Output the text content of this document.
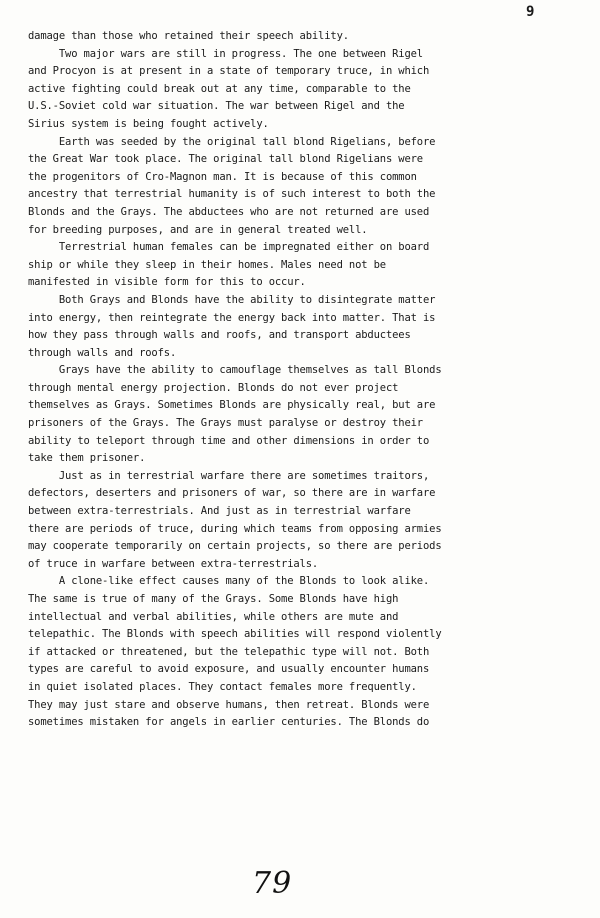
9
damage than those who retained their speech ability.
Two major wars are still in progress. The one between Rigel
and Procyon is at present in a state of temporary truce, in which
active fighting could break out at any time, comparable to the
U.S.-Soviet cold war situation. The war between Rigel and the
Sirius system is being fought actively.
Earth was seeded by the original tall blond Rigelians, before
the Great War took place. The original tall blond Rigelians were
the progenitors of Cro-Magnon man. It is because of this common
ancestry that terrestrial humanity is of such interest to both the
Blonds and the Grays. The abductees who are not returned are used
for breeding purposes, and are in general treated well.
Terrestrial human females can be impregnated either on board
ship or while they sleep in their homes. Males need not be
manifested in visible form for this to occur.
Both Grays and Blonds have the ability to disintegrate matter
into energy, then reintegrate the energy back into matter. That is
how they pass through walls and roofs, and transport abductees
through walls and roofs.
Grays have the ability to camouflage themselves as tall Blonds
through mental energy projection. Blonds do not ever project
themselves as Grays. Sometimes Blonds are physically real, but are
prisoners of the Grays. The Grays must paralyse or destroy their
ability to teleport through time and other dimensions in order to
take them prisoner.
Just as in terrestrial warfare there are sometimes traitors,
defectors, deserters and prisoners of war, so there are in warfare
between extra-terrestrials. And just as in terrestrial warfare
there are periods of truce, during which teams from opposing armies
may cooperate temporarily on certain projects, so there are periods
of truce in warfare between extra-terrestrials.
A clone-like effect causes many of the Blonds to look alike.
The same is true of many of the Grays. Some Blonds have high
intellectual and verbal abilities, while others are mute and
telepathic. The Blonds with speech abilities will respond violently
if attacked or threatened, but the telepathic type will not. Both
types are careful to avoid exposure, and usually encounter humans
in quiet isolated places. They contact females more frequently.
They may just stare and observe humans, then retreat. Blonds were
sometimes mistaken for angels in earlier centuries. The Blonds do
79
